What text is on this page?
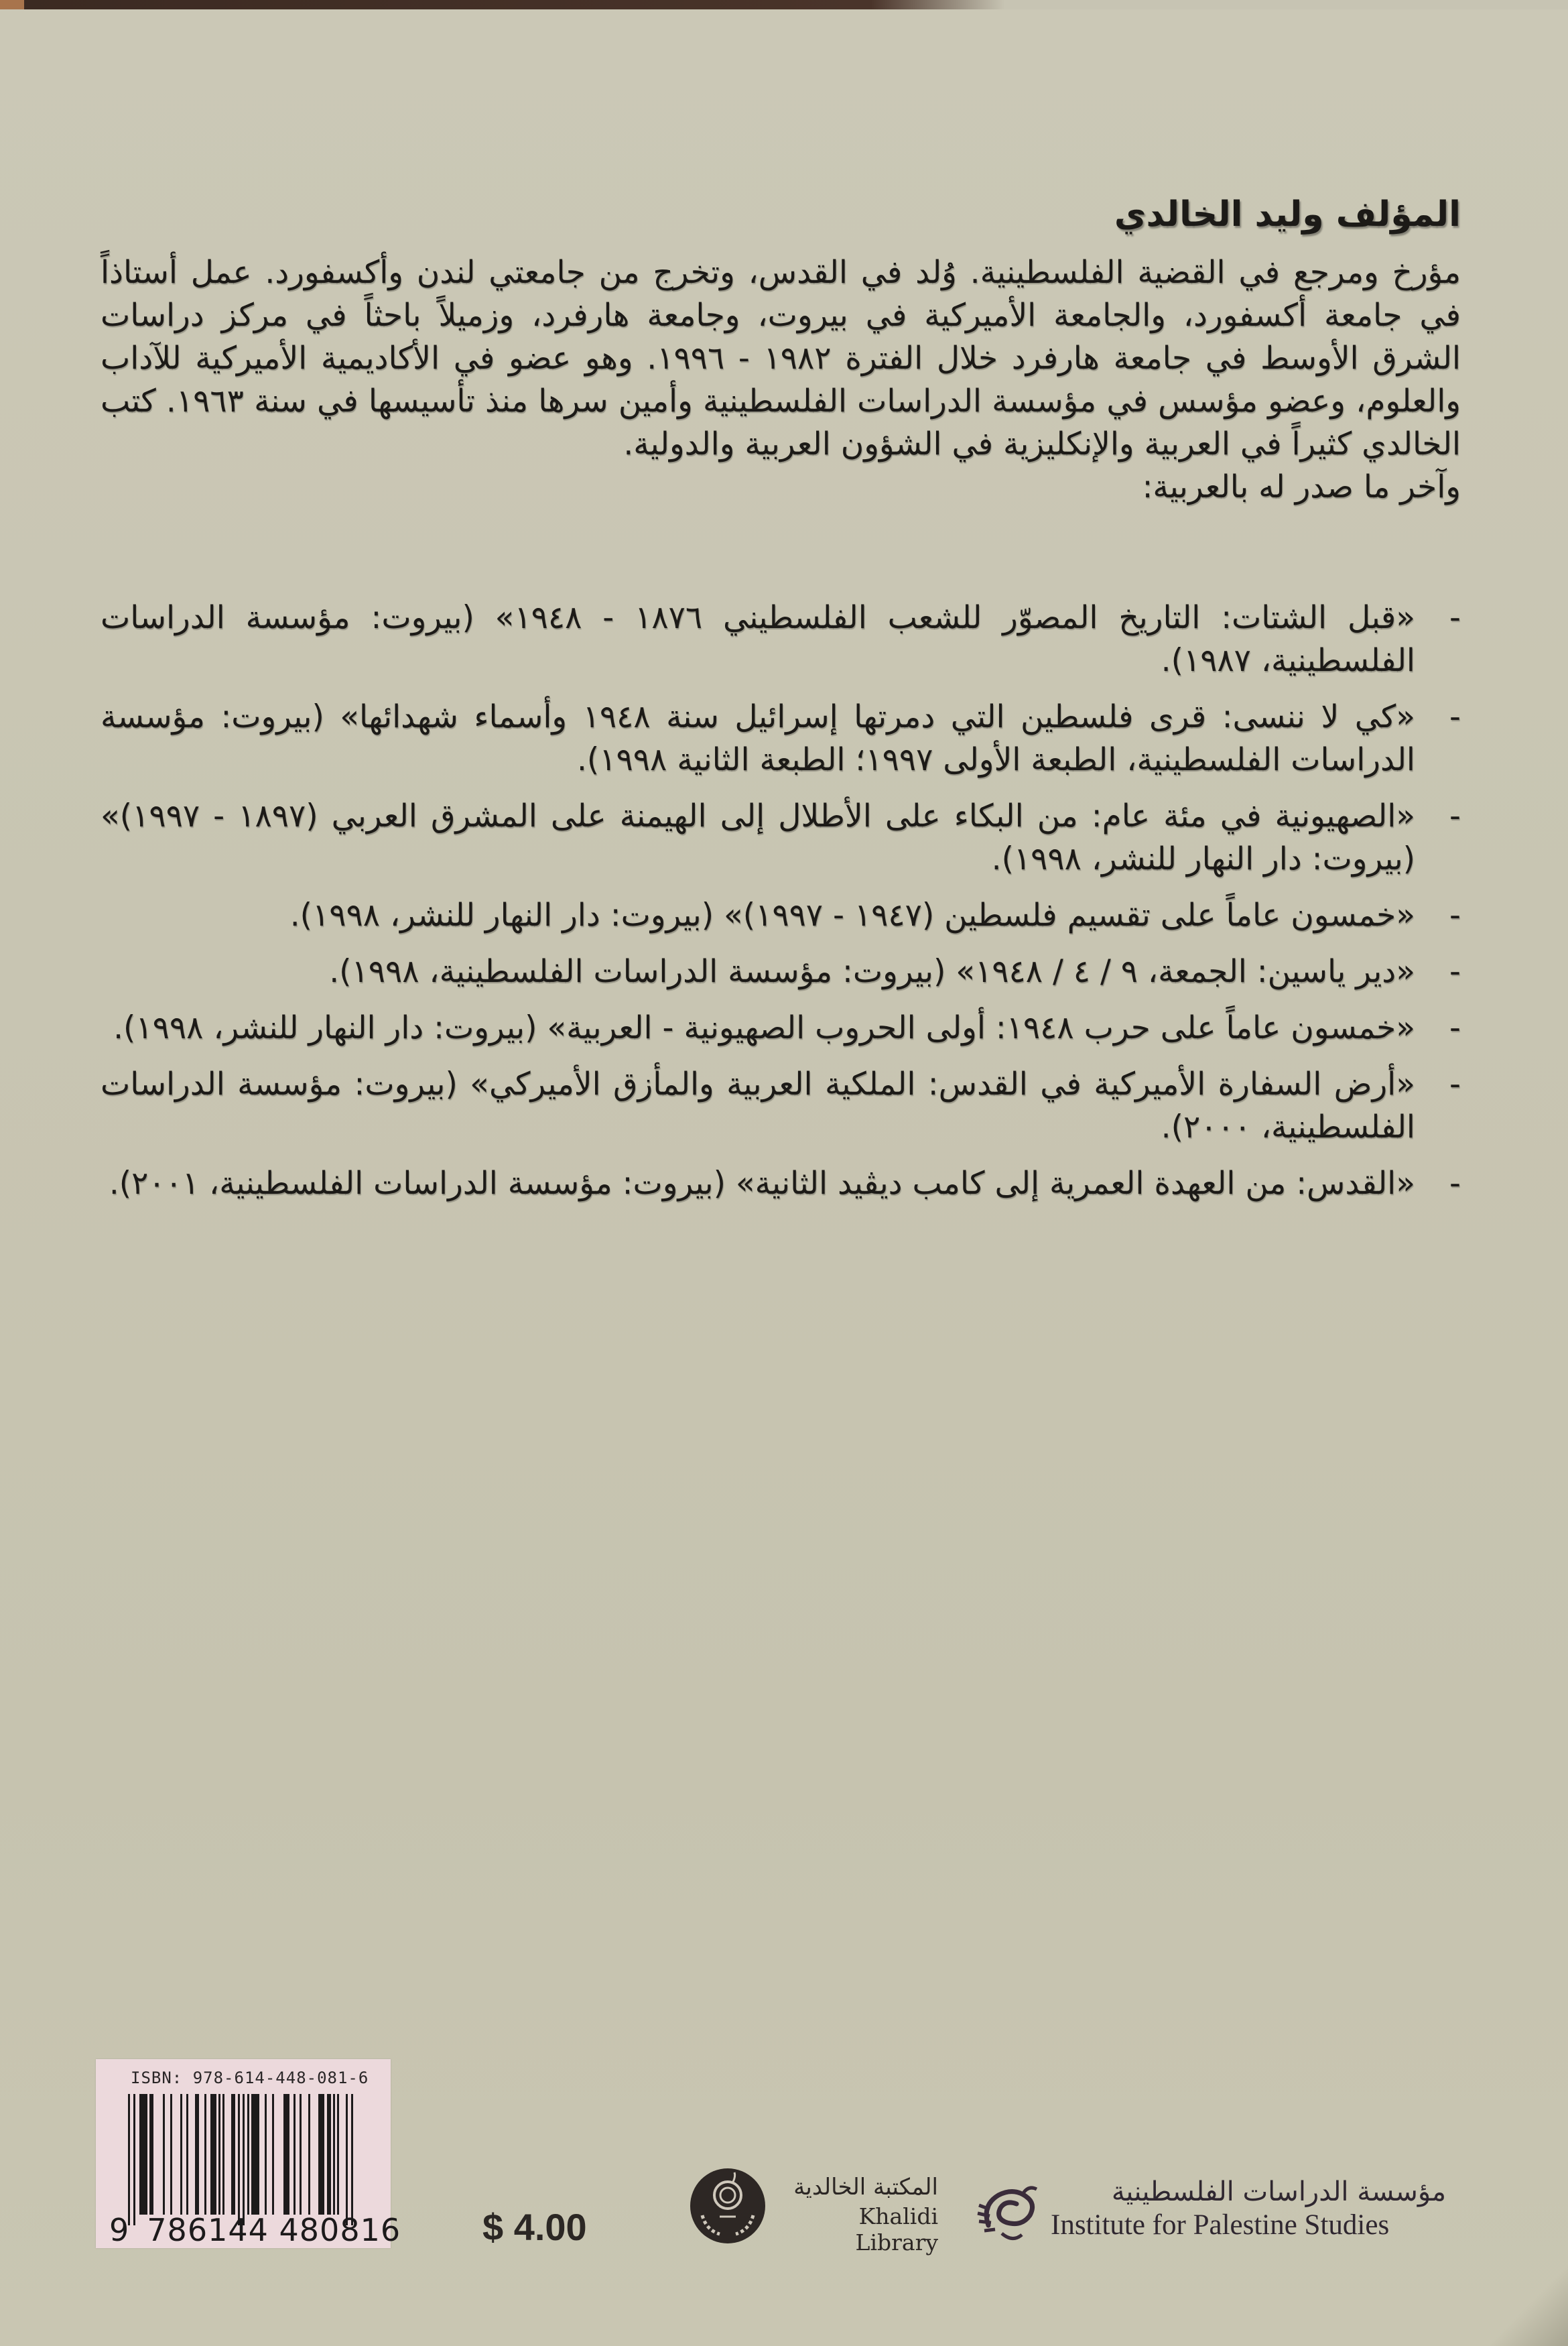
المؤلف وليد الخالدي
مؤرخ ومرجع في القضية الفلسطينية. وُلد في القدس، وتخرج من جامعتي لندن وأكسفورد. عمل أستاذاً في جامعة أكسفورد، والجامعة الأميركية في بيروت، وجامعة هارفرد، وزميلاً باحثاً في مركز دراسات الشرق الأوسط في جامعة هارفرد خلال الفترة ١٩٨٢ - ١٩٩٦. وهو عضو في الأكاديمية الأميركية للآداب والعلوم، وعضو مؤسس في مؤسسة الدراسات الفلسطينية وأمين سرها منذ تأسيسها في سنة ١٩٦٣. كتب الخالدي كثيراً في العربية والإنكليزية في الشؤون العربية والدولية.
وآخر ما صدر له بالعربية:
-
«قبل الشتات: التاريخ المصوّر للشعب الفلسطيني ١٨٧٦ - ١٩٤٨» (بيروت: مؤسسة الدراسات الفلسطينية، ١٩٨٧).
-
«كي لا ننسى: قرى فلسطين التي دمرتها إسرائيل سنة ١٩٤٨ وأسماء شهدائها» (بيروت: مؤسسة الدراسات الفلسطينية، الطبعة الأولى ١٩٩٧؛ الطبعة الثانية ١٩٩٨).
-
«الصهيونية في مئة عام: من البكاء على الأطلال إلى الهيمنة على المشرق العربي (١٨٩٧ - ١٩٩٧)» (بيروت: دار النهار للنشر، ١٩٩٨).
-
«خمسون عاماً على تقسيم فلسطين (١٩٤٧ - ١٩٩٧)» (بيروت: دار النهار للنشر، ١٩٩٨).
-
«دير ياسين: الجمعة، ٩ / ٤ / ١٩٤٨» (بيروت: مؤسسة الدراسات الفلسطينية، ١٩٩٨).
-
«خمسون عاماً على حرب ١٩٤٨: أولى الحروب الصهيونية - العربية» (بيروت: دار النهار للنشر، ١٩٩٨).
-
«أرض السفارة الأميركية في القدس: الملكية العربية والمأزق الأميركي» (بيروت: مؤسسة الدراسات الفلسطينية، ٢٠٠٠).
-
«القدس: من العهدة العمرية إلى كامب ديڤيد الثانية» (بيروت: مؤسسة الدراسات الفلسطينية، ٢٠٠١).
ISBN: 978-614-448-081-6
9 786144 480816 $ 4.00
المكتبة الخالدية
Khalidi Library
مؤسسة الدراسات الفلسطينية
Institute for Palestine Studies
